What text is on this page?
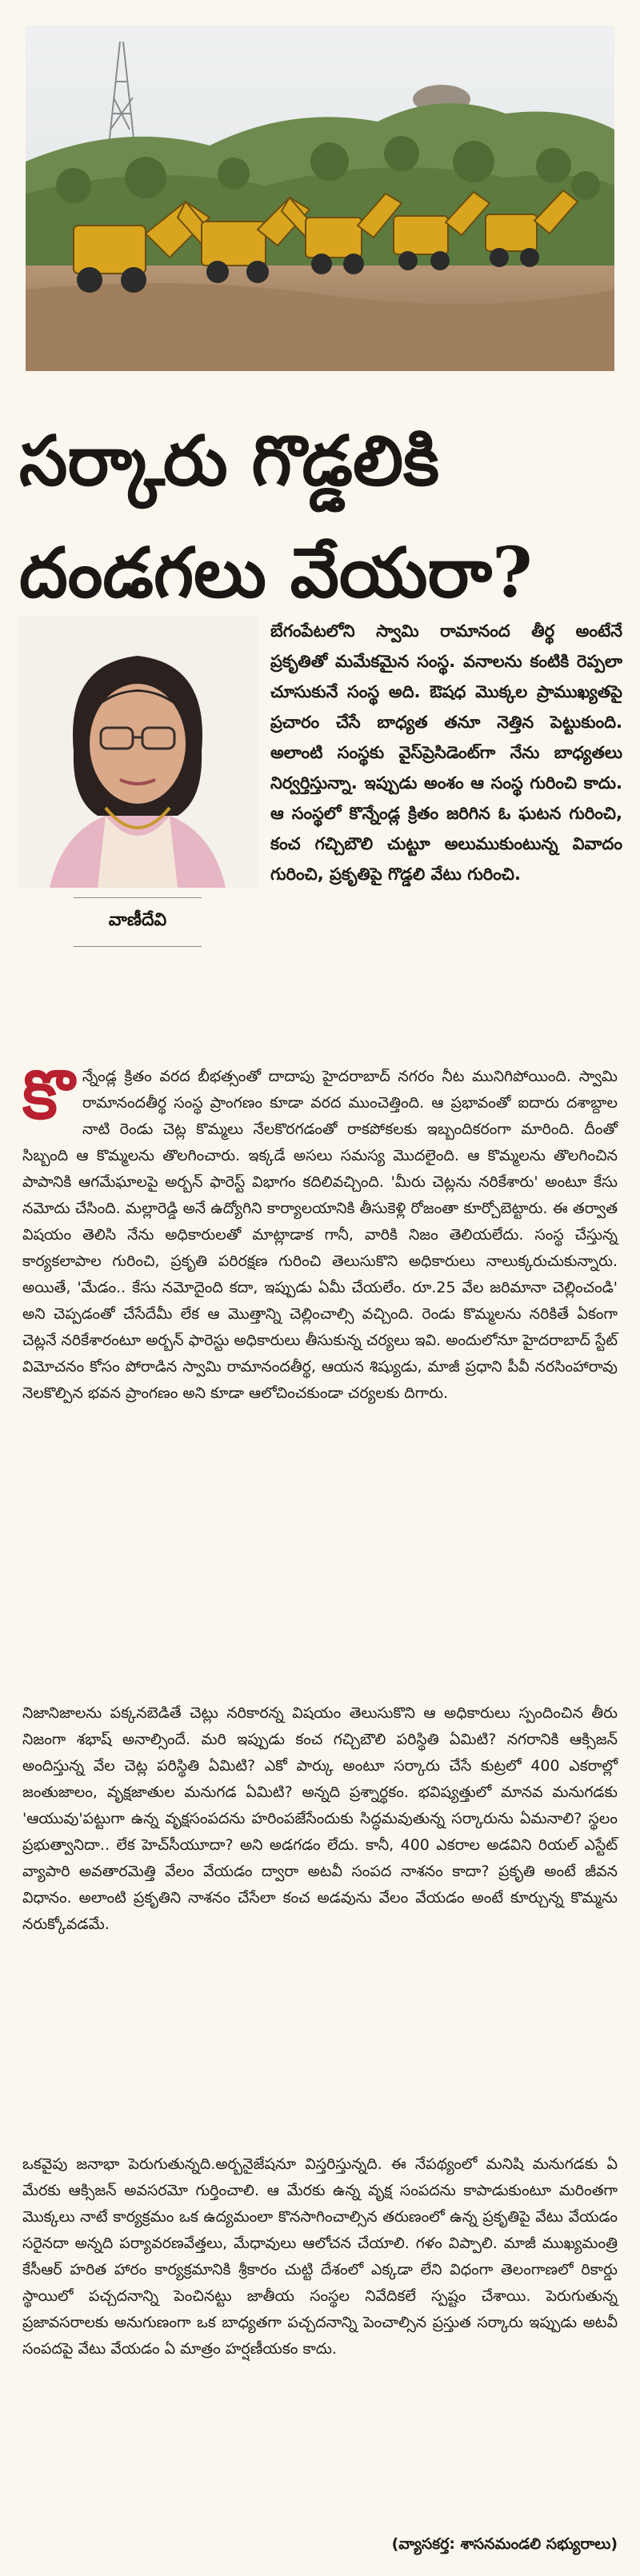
సర్కారు గొడ్డలికి
దండగలు వేయరా?
వాణీదేవి
బేగంపేటలోని స్వామి రామానంద తీర్థ అంటేనే ప్రకృతితో మమేకమైన సంస్థ. వనాలను కంటికి రెప్పలా చూసుకునే సంస్థ అది. ఔషధ మొక్కల ప్రాముఖ్యతపై ప్రచారం చేసే బాధ్యత తనూ నెత్తిన పెట్టుకుంది. అలాంటి సంస్థకు వైస్‌ప్రెసిడెంట్‌గా నేను బాధ్యతలు నిర్వర్తిస్తున్నా. ఇప్పుడు అంశం ఆ సంస్థ గురించి కాదు. ఆ సంస్థలో కొన్నేండ్ల క్రితం జరిగిన ఓ ఘటన గురించి, కంచ గచ్చిబౌలి చుట్టూ అలుముకుంటున్న వివాదం గురించి, ప్రకృతిపై గొడ్డలి వేటు గురించి.
కొన్నేండ్ల క్రితం వరద బీభత్సంతో దాదాపు హైదరాబాద్ నగరం నీట మునిగిపోయింది. స్వామి రామానందతీర్థ సంస్థ ప్రాంగణం కూడా వరద ముంచెత్తింది. ఆ ప్రభావంతో ఐదారు దశాబ్దాల నాటి రెండు చెట్ల కొమ్మలు నేలకొరగడంతో రాకపోకలకు ఇబ్బందికరంగా మారింది. దీంతో సిబ్బంది ఆ కొమ్మలను తొలగించారు. ఇక్కడే అసలు సమస్య మొదలైంది. ఆ కొమ్మలను తొలగించిన పాపానికి ఆగమేఘాలపై అర్బన్ ఫారెస్ట్ విభాగం కదిలివచ్చింది. 'మీరు చెట్లను నరికేశారు' అంటూ కేసు నమోదు చేసింది. మల్లారెడ్డి అనే ఉద్యోగిని కార్యాలయానికి తీసుకెళ్లి రోజంతా కూర్చోబెట్టారు. ఈ తర్వాత విషయం తెలిసి నేను అధికారులతో మాట్లాడాక గానీ, వారికి నిజం తెలియలేదు. సంస్థ చేస్తున్న కార్యకలాపాల గురించి, ప్రకృతి పరిరక్షణ గురించి తెలుసుకొని అధికారులు నాలుక్కరుచుకున్నారు. అయితే, 'మేడం.. కేసు నమోదైంది కదా, ఇప్పుడు ఏమీ చేయలేం. రూ.25 వేల జరిమానా చెల్లించండి' అని చెప్పడంతో చేసేదేమీ లేక ఆ మొత్తాన్ని చెల్లించాల్సి వచ్చింది. రెండు కొమ్మలను నరికితే ఏకంగా చెట్లనే నరికేశారంటూ అర్బన్ ఫారెస్టు అధికారులు తీసుకున్న చర్యలు ఇవి. అందులోనూ హైదరాబాద్ స్టేట్ విమోచనం కోసం పోరాడిన స్వామి రామానందతీర్థ, ఆయన శిష్యుడు, మాజీ ప్రధాని పీవీ నరసింహారావు నెలకొల్పిన భవన ప్రాంగణం అని కూడా ఆలోచించకుండా చర్యలకు దిగారు.
నిజానిజాలను పక్కనబెడితే చెట్లు నరికారన్న విషయం తెలుసుకొని ఆ అధికారులు స్పందించిన తీరు నిజంగా శభాష్ అనాల్సిందే. మరి ఇప్పుడు కంచ గచ్చిబౌలి పరిస్థితి ఏమిటి? నగరానికి ఆక్సిజన్ అందిస్తున్న వేల చెట్ల పరిస్థితి ఏమిటి? ఎకో పార్కు అంటూ సర్కారు చేసే కుట్రలో 400 ఎకరాల్లో జంతుజాలం, వృక్షజాతుల మనుగడ ఏమిటి? అన్నది ప్రశ్నార్థకం. భవిష్యత్తులో మానవ మనుగడకు 'ఆయువు'పట్టుగా ఉన్న వృక్షసంపదను హరింపజేసేందుకు సిద్ధమవుతున్న సర్కారును ఏమనాలి? స్థలం ప్రభుత్వానిదా.. లేక హెచ్‌సీయూదా? అని అడగడం లేదు. కానీ, 400 ఎకరాల అడవిని రియల్ ఎస్టేట్ వ్యాపారి అవతారమెత్తి వేలం వేయడం ద్వారా అటవీ సంపద నాశనం కాదా? ప్రకృతి అంటే జీవన విధానం. అలాంటి ప్రకృతిని నాశనం చేసేలా కంచ అడవును వేలం వేయడం అంటే కూర్చున్న కొమ్మను నరుక్కోవడమే.
ఒకవైపు జనాభా పెరుగుతున్నది.అర్బనైజేషనూ విస్తరిస్తున్నది. ఈ నేపథ్యంలో మనిషి మనుగడకు ఏ మేరకు ఆక్సిజన్ అవసరమో గుర్తించాలి. ఆ మేరకు ఉన్న వృక్ష సంపదను కాపాడుకుంటూ మరింతగా మొక్కలు నాటే కార్యక్రమం ఒక ఉద్యమంలా కొనసాగించాల్సిన తరుణంలో ఉన్న ప్రకృతిపై వేటు వేయడం సరైనదా అన్నది పర్యావరణవేత్తలు, మేధావులు ఆలోచన చేయాలి. గళం విప్పాలి. మాజీ ముఖ్యమంత్రి కేసీఆర్ హరిత హారం కార్యక్రమానికి శ్రీకారం చుట్టి దేశంలో ఎక్కడా లేని విధంగా తెలంగాణలో రికార్డు స్థాయిలో పచ్చదనాన్ని పెంచినట్టు జాతీయ సంస్థల నివేదికలే స్పష్టం చేశాయి. పెరుగుతున్న ప్రజావసరాలకు అనుగుణంగా ఒక బాధ్యతగా పచ్చదనాన్ని పెంచాల్సిన ప్రస్తుత సర్కారు ఇప్పుడు అటవీ సంపదపై వేటు వేయడం ఏ మాత్రం హర్షణీయకం కాదు.
(వ్యాసకర్త: శాసనమండలి సభ్యురాలు)
